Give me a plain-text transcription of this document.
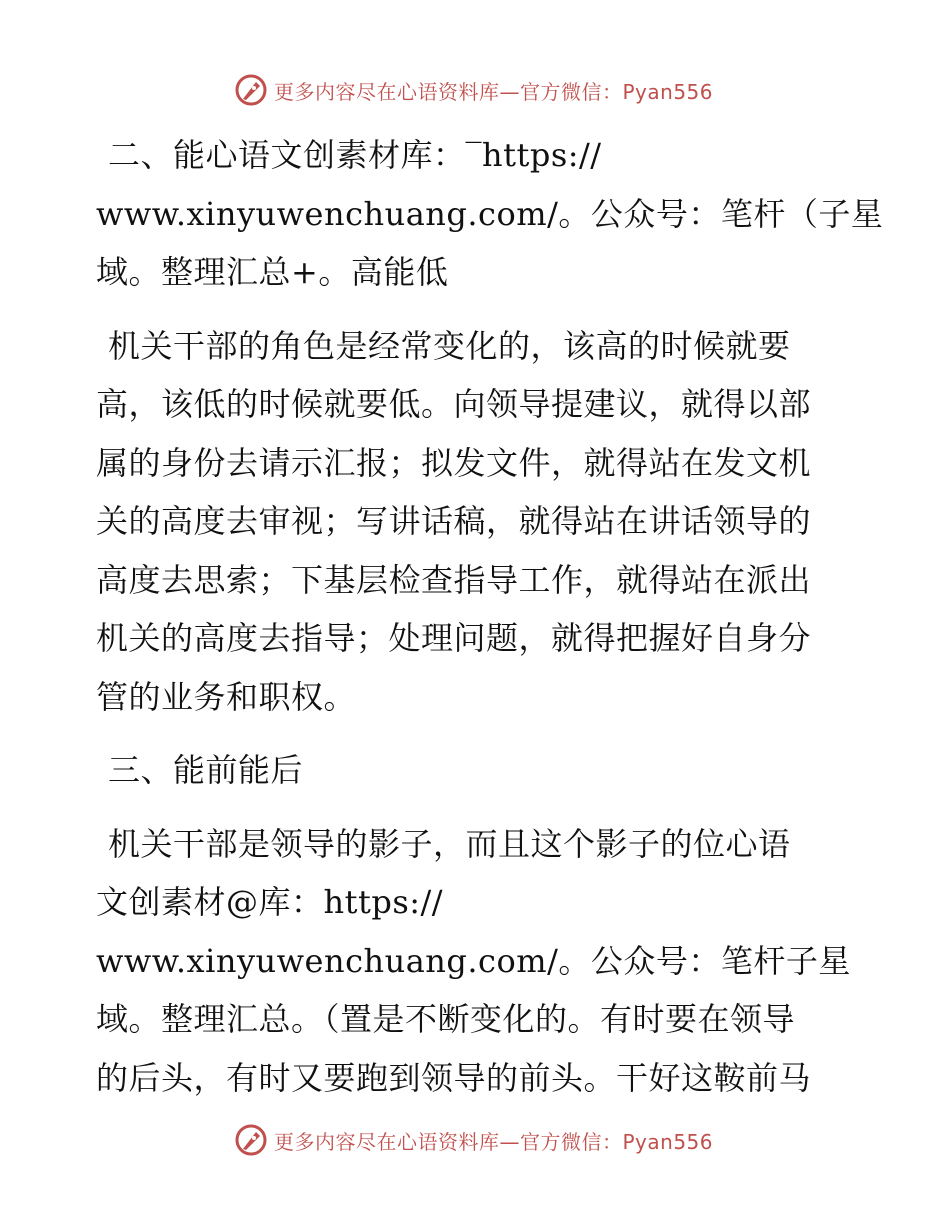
更多内容尽在心语资料库—官方微信：Pyan556
二、能心语文创素材库：‾https://
www.xinyuwenchuang.com/。公众号：笔杆（子星
域。整理汇总+。高能低
机关干部的角色是经常变化的，该高的时候就要
高，该低的时候就要低。向领导提建议，就得以部
属的身份去请示汇报；拟发文件，就得站在发文机
关的高度去审视；写讲话稿，就得站在讲话领导的
高度去思索；下基层检查指导工作，就得站在派出
机关的高度去指导；处理问题，就得把握好自身分
管的业务和职权。
三、能前能后
机关干部是领导的影子，而且这个影子的位心语
文创素材@库：https://
www.xinyuwenchuang.com/。公众号：笔杆子星
域。整理汇总。（置是不断变化的。有时要在领导
的后头，有时又要跑到领导的前头。干好这鞍前马
更多内容尽在心语资料库—官方微信：Pyan556
